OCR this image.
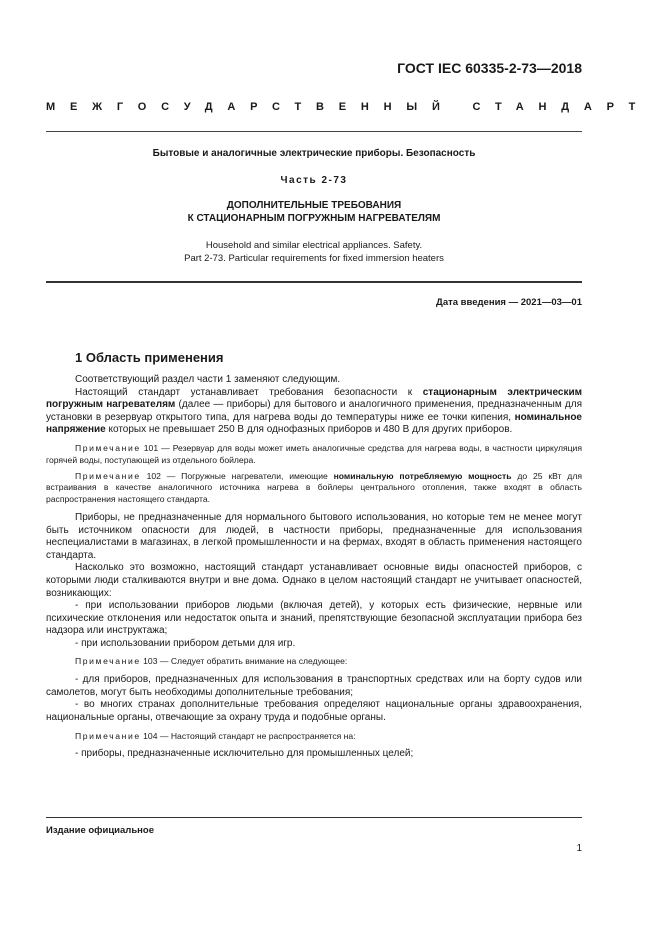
ГОСТ IEC 60335-2-73—2018
МЕЖГОСУДАРСТВЕННЫЙ СТАНДАРТ
Бытовые и аналогичные электрические приборы. Безопасность
Часть 2-73
ДОПОЛНИТЕЛЬНЫЕ ТРЕБОВАНИЯ
К СТАЦИОНАРНЫМ ПОГРУЖНЫМ НАГРЕВАТЕЛЯМ
Household and similar electrical appliances. Safety.
Part 2-73. Particular requirements for fixed immersion heaters
Дата введения — 2021—03—01
1 Область применения

Соответствующий раздел части 1 заменяют следующим.

Настоящий стандарт устанавливает требования безопасности к стационарным электрическим погружным нагревателям (далее — приборы) для бытового и аналогичного применения, предназначенным для установки в резервуар открытого типа, для нагрева воды до температуры ниже ее точки кипения, номинальное напряжение которых не превышает 250 В для однофазных приборов и 480 В для других приборов.

Примечание 101 — Резервуар для воды может иметь аналогичные средства для нагрева воды, в частности циркуляция горячей воды, поступающей из отдельного бойлера.

Примечание 102 — Погружные нагреватели, имеющие номинальную потребляемую мощность до 25 кВт для встраивания в качестве аналогичного источника нагрева в бойлеры центрального отопления, также входят в область распространения настоящего стандарта.

Приборы, не предназначенные для нормального бытового использования, но которые тем не менее могут быть источником опасности для людей, в частности приборы, предназначенные для использования неспециалистами в магазинах, в легкой промышленности и на фермах, входят в область применения настоящего стандарта.

Насколько это возможно, настоящий стандарт устанавливает основные виды опасностей приборов, с которыми люди сталкиваются внутри и вне дома. Однако в целом настоящий стандарт не учитывает опасностей, возникающих:

- при использовании приборов людьми (включая детей), у которых есть физические, нервные или психические отклонения или недостаток опыта и знаний, препятствующие безопасной эксплуатации прибора без надзора или инструктажа;

- при использовании прибором детьми для игр.

Примечание 103 — Следует обратить внимание на следующее:

- для приборов, предназначенных для использования в транспортных средствах или на борту судов или самолетов, могут быть необходимы дополнительные требования;

- во многих странах дополнительные требования определяют национальные органы здравоохранения, национальные органы, отвечающие за охрану труда и подобные органы.

Примечание 104 — Настоящий стандарт не распространяется на:

- приборы, предназначенные исключительно для промышленных целей;

Издание официальное
1
